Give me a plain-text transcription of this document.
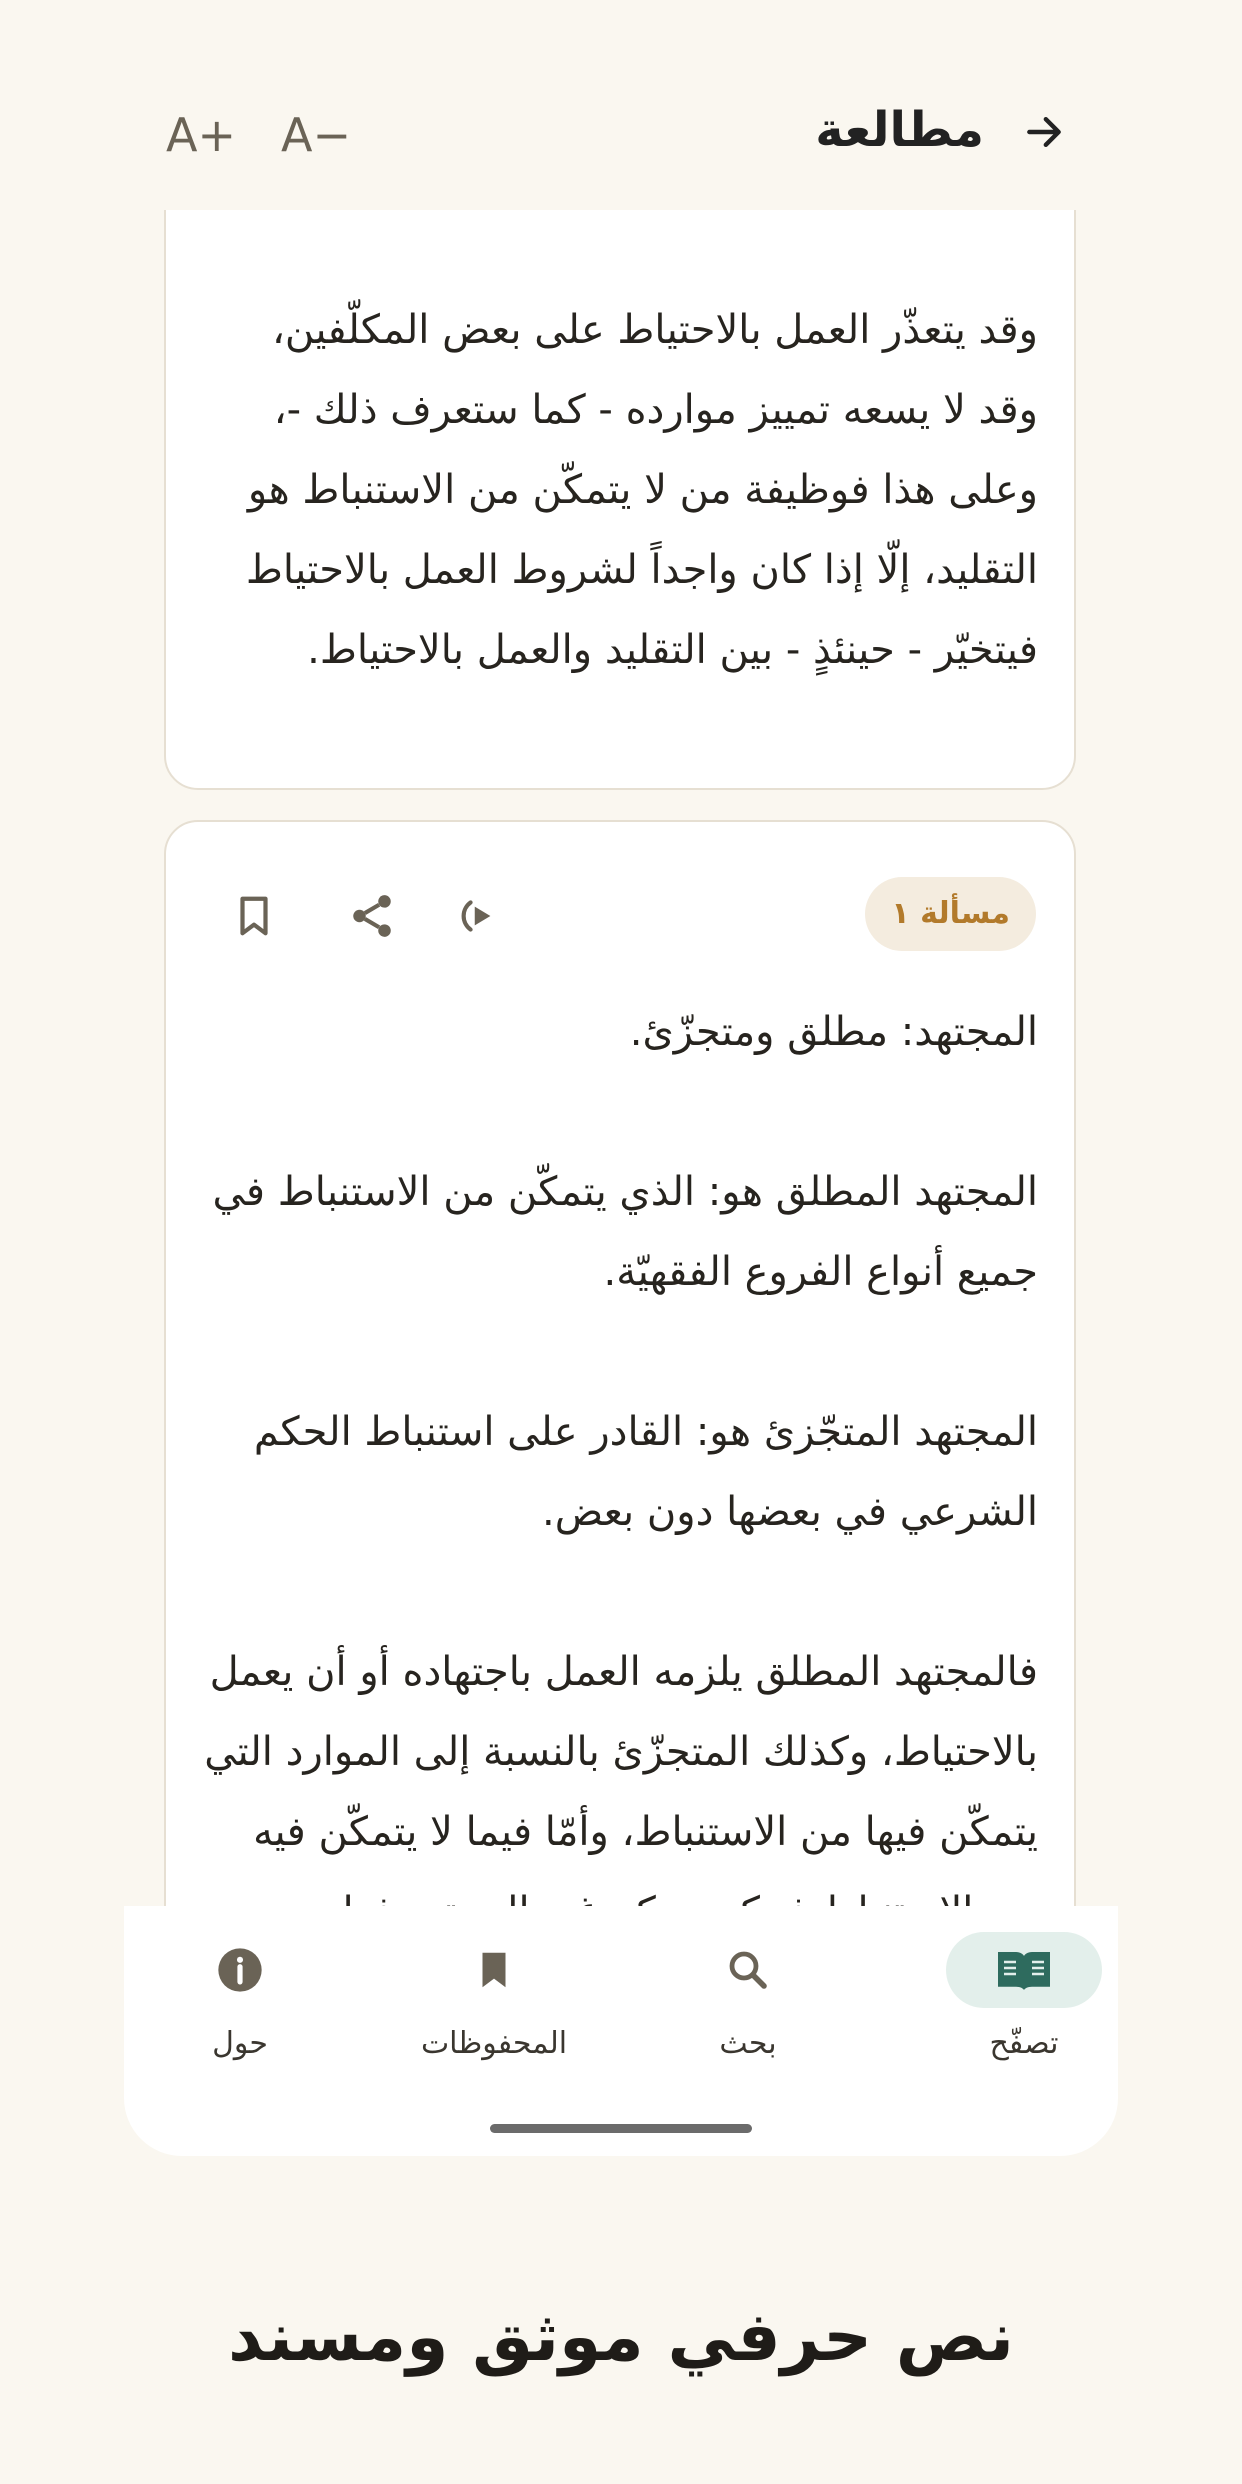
مطالعة
A+ A−

وقد يتعذّر العمل بالاحتياط على بعض المكلّفين، وقد لا يسعه تمييز موارده - كما ستعرف ذلك -، وعلى هذا فوظيفة من لا يتمكّن من الاستنباط هو التقليد، إلّا إذا كان واجداً لشروط العمل بالاحتياط فيتخيّر - حينئذٍ - بين التقليد والعمل بالاحتياط.
مسألة ١
المجتهد: مطلق ومتجزّئ.

المجتهد المطلق هو: الذي يتمكّن من الاستنباط في جميع أنواع الفروع الفقهيّة.

المجتهد المتجّزئ هو: القادر على استنباط الحكم الشرعي في بعضها دون بعض.

فالمجتهد المطلق يلزمه العمل باجتهاده أو أن يعمل بالاحتياط، وكذلك المتجزّئ بالنسبة إلى الموارد التي يتمكّن فيها من الاستنباط، وأمّا فيما لا يتمكّن فيه
تصفّح
بحث
المحفوظات
حول
نص حرفي موثق ومسند
